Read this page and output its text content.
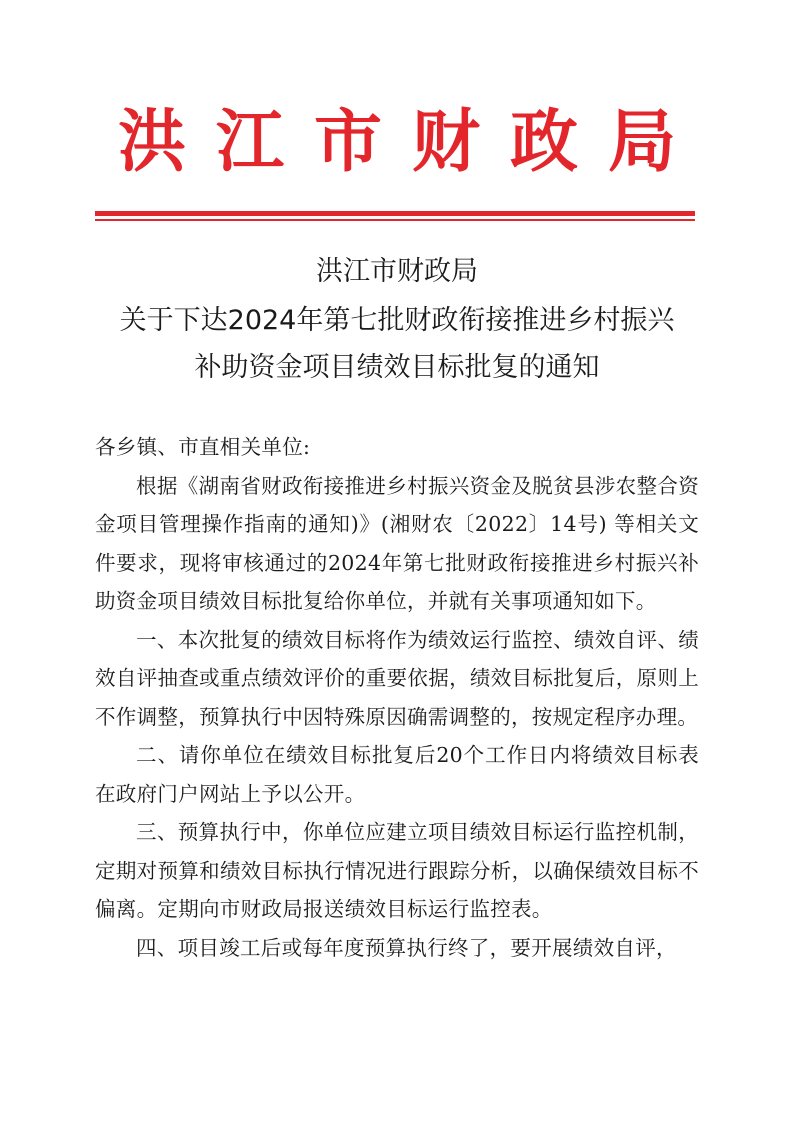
洪江市财政局
洪江市财政局
关于下达2024年第七批财政衔接推进乡村振兴
补助资金项目绩效目标批复的通知

各乡镇、市直相关单位:

根据《湖南省财政衔接推进乡村振兴资金及脱贫县涉农整合资金项目管理操作指南的通知)》(湘财农〔2022〕14号) 等相关文件要求，现将审核通过的2024年第七批财政衔接推进乡村振兴补助资金项目绩效目标批复给你单位，并就有关事项通知如下。

一、本次批复的绩效目标将作为绩效运行监控、绩效自评、绩效自评抽查或重点绩效评价的重要依据，绩效目标批复后，原则上不作调整，预算执行中因特殊原因确需调整的，按规定程序办理。

二、请你单位在绩效目标批复后20个工作日内将绩效目标表在政府门户网站上予以公开。

三、预算执行中，你单位应建立项目绩效目标运行监控机制，定期对预算和绩效目标执行情况进行跟踪分析，以确保绩效目标不偏离。定期向市财政局报送绩效目标运行监控表。

四、项目竣工后或每年度预算执行终了，要开展绩效自评，
